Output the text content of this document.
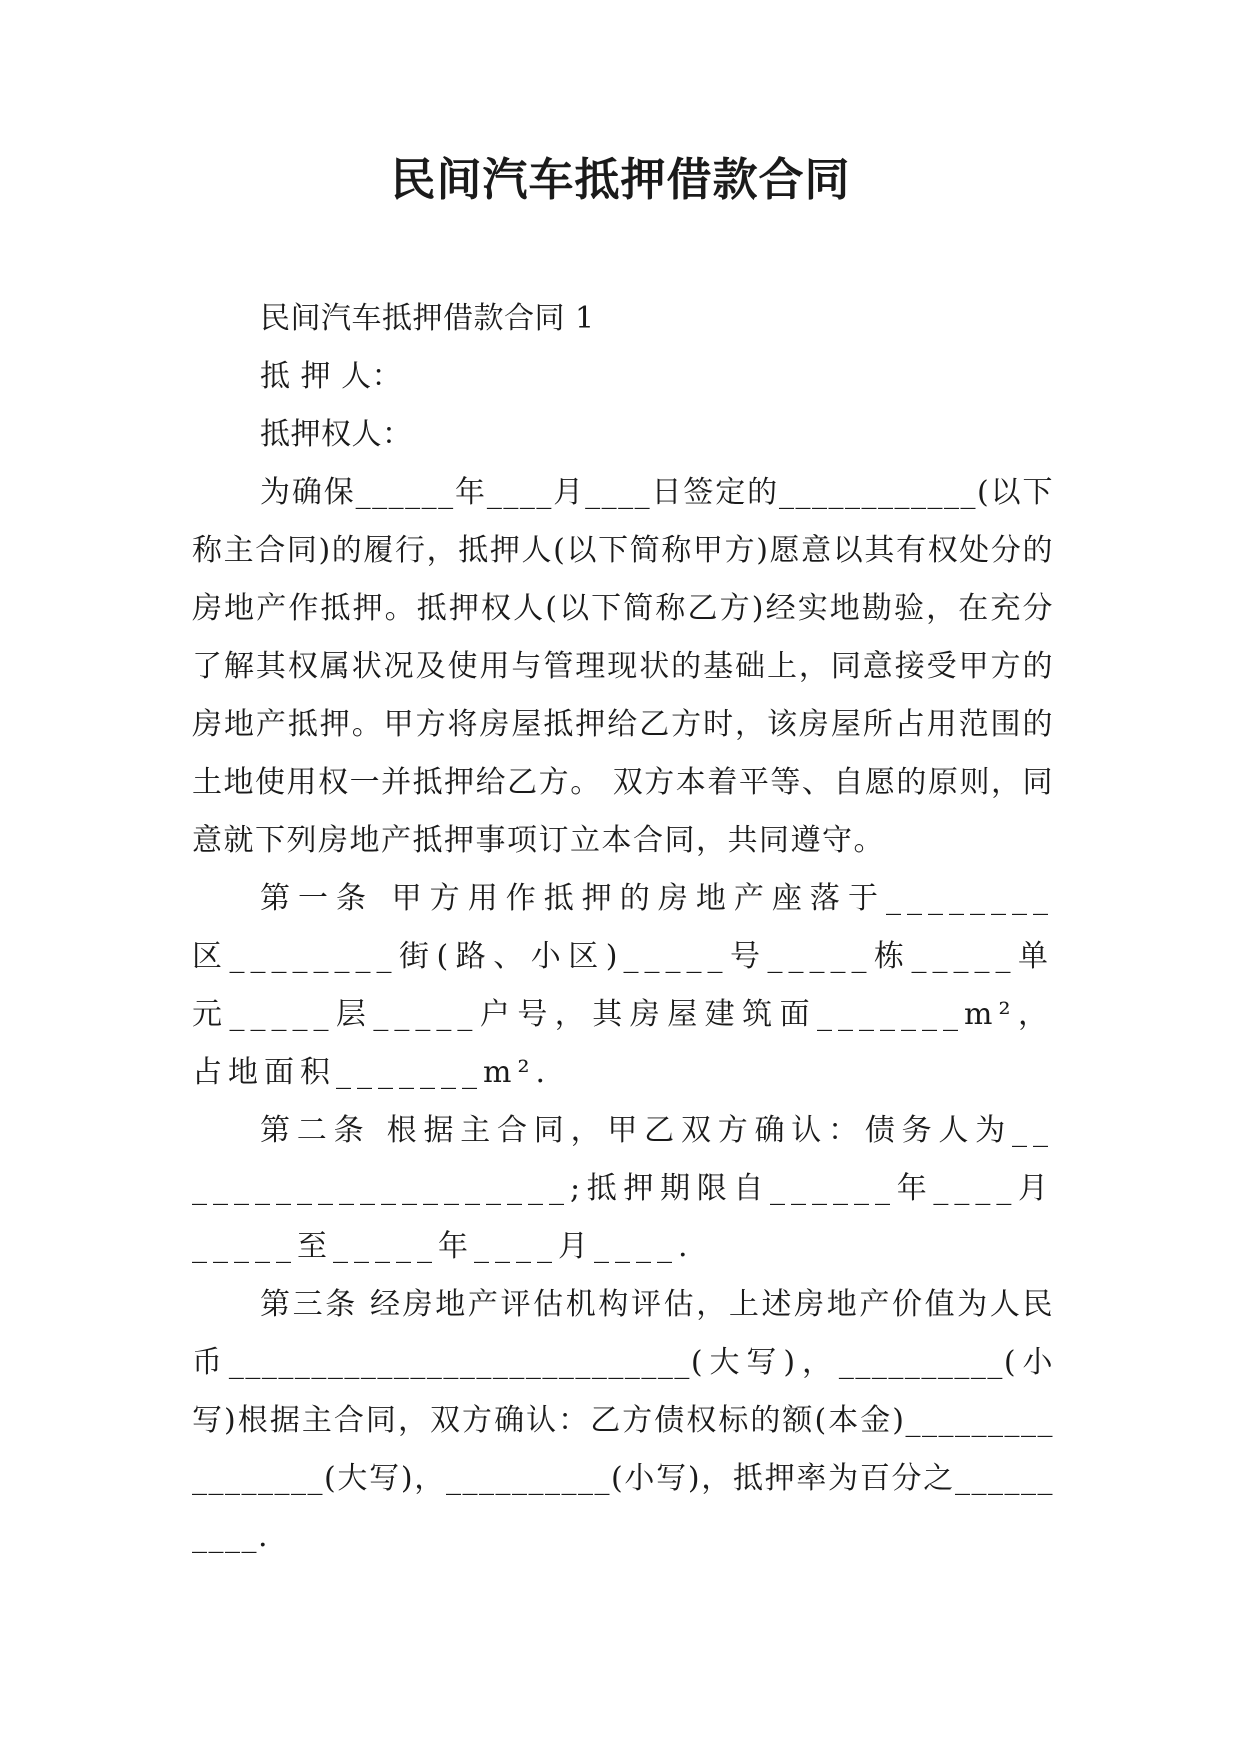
民间汽车抵押借款合同

民间汽车抵押借款合同 1

抵 押 人：

抵押权人：

为确保______年____月____日签定的____________(以下称主合同)的履行，抵押人(以下简称甲方)愿意以其有权处分的房地产作抵押。抵押权人(以下简称乙方)经实地勘验，在充分了解其权属状况及使用与管理现状的基础上，同意接受甲方的房地产抵押。甲方将房屋抵押给乙方时，该房屋所占用范围的土地使用权一并抵押给乙方。 双方本着平等、自愿的原则，同意就下列房地产抵押事项订立本合同，共同遵守。

第一条 甲方用作抵押的房地产座落于________区________街(路、小区)_____号_____栋_____单元_____层_____户号，其房屋建筑面_______m²，占地面积_______m².

第二条 根据主合同，甲乙双方确认：债务人为____________________;抵押期限自______年____月_____至_____年____月____.

第三条 经房地产评估机构评估，上述房地产价值为人民币____________________________(大写)，__________(小写)根据主合同，双方确认：乙方债权标的额(本金)_________________(大写)，__________(小写)，抵押率为百分之__________.
